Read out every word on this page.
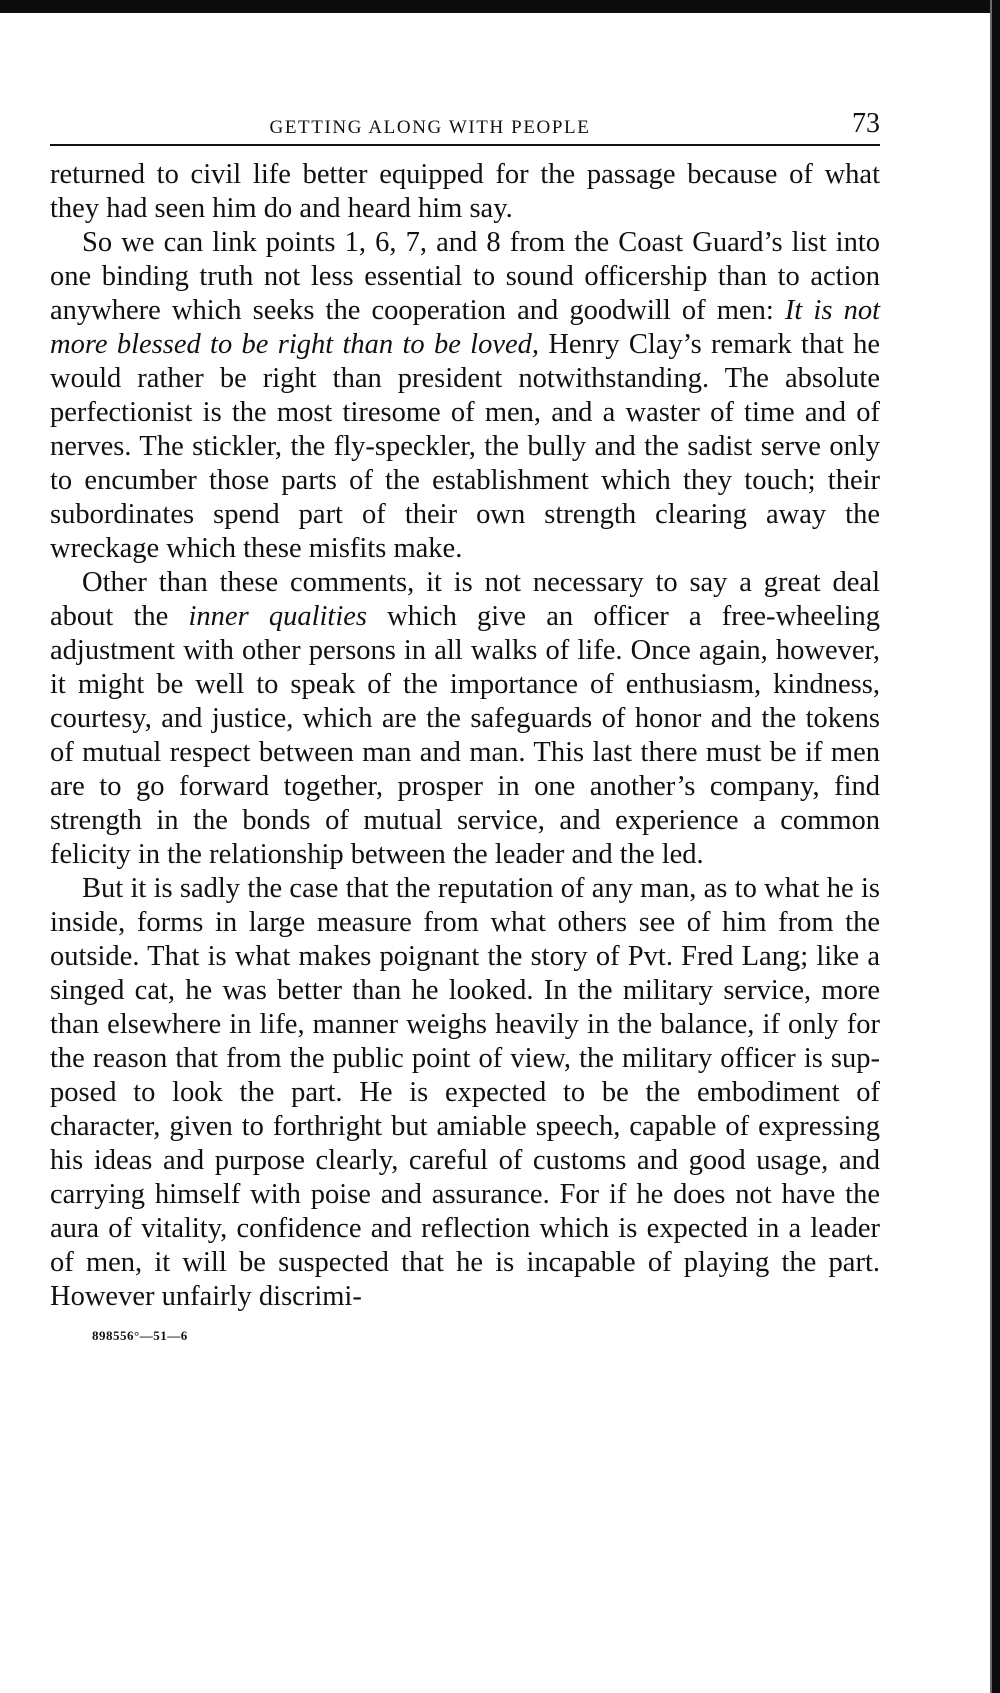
GETTING ALONG WITH PEOPLE	73

returned to civil life better equipped for the passage because of what they had seen him do and heard him say.

So we can link points 1, 6, 7, and 8 from the Coast Guard’s list into one binding truth not less essential to sound officership than to action anywhere which seeks the cooperation and goodwill of men: It is not more blessed to be right than to be loved, Henry Clay’s remark that he would rather be right than president notwithstanding. The absolute perfectionist is the most tiresome of men, and a waster of time and of nerves. The stickler, the fly-speckler, the bully and the sadist serve only to encumber those parts of the establishment which they touch; their subordinates spend part of their own strength clearing away the wreckage which these misfits make.

Other than these comments, it is not necessary to say a great deal about the inner qualities which give an officer a free-wheeling adjustment with other persons in all walks of life. Once again, however, it might be well to speak of the importance of enthusiasm, kindness, courtesy, and justice, which are the safeguards of honor and the tokens of mutual respect between man and man. This last there must be if men are to go forward together, prosper in one another’s company, find strength in the bonds of mutual service, and experience a common felicity in the relationship between the leader and the led.

But it is sadly the case that the reputation of any man, as to what he is inside, forms in large measure from what others see of him from the outside. That is what makes poignant the story of Pvt. Fred Lang; like a singed cat, he was better than he looked. In the military service, more than elsewhere in life, manner weighs heavily in the balance, if only for the reason that from the public point of view, the military officer is supposed to look the part. He is expected to be the embodiment of character, given to forthright but amiable speech, capable of expressing his ideas and purpose clearly, careful of customs and good usage, and carrying himself with poise and assurance. For if he does not have the aura of vitality, confidence and reflection which is expected in a leader of men, it will be suspected that he is incapable of playing the part. However unfairly discrimi-

898556°—51—6
